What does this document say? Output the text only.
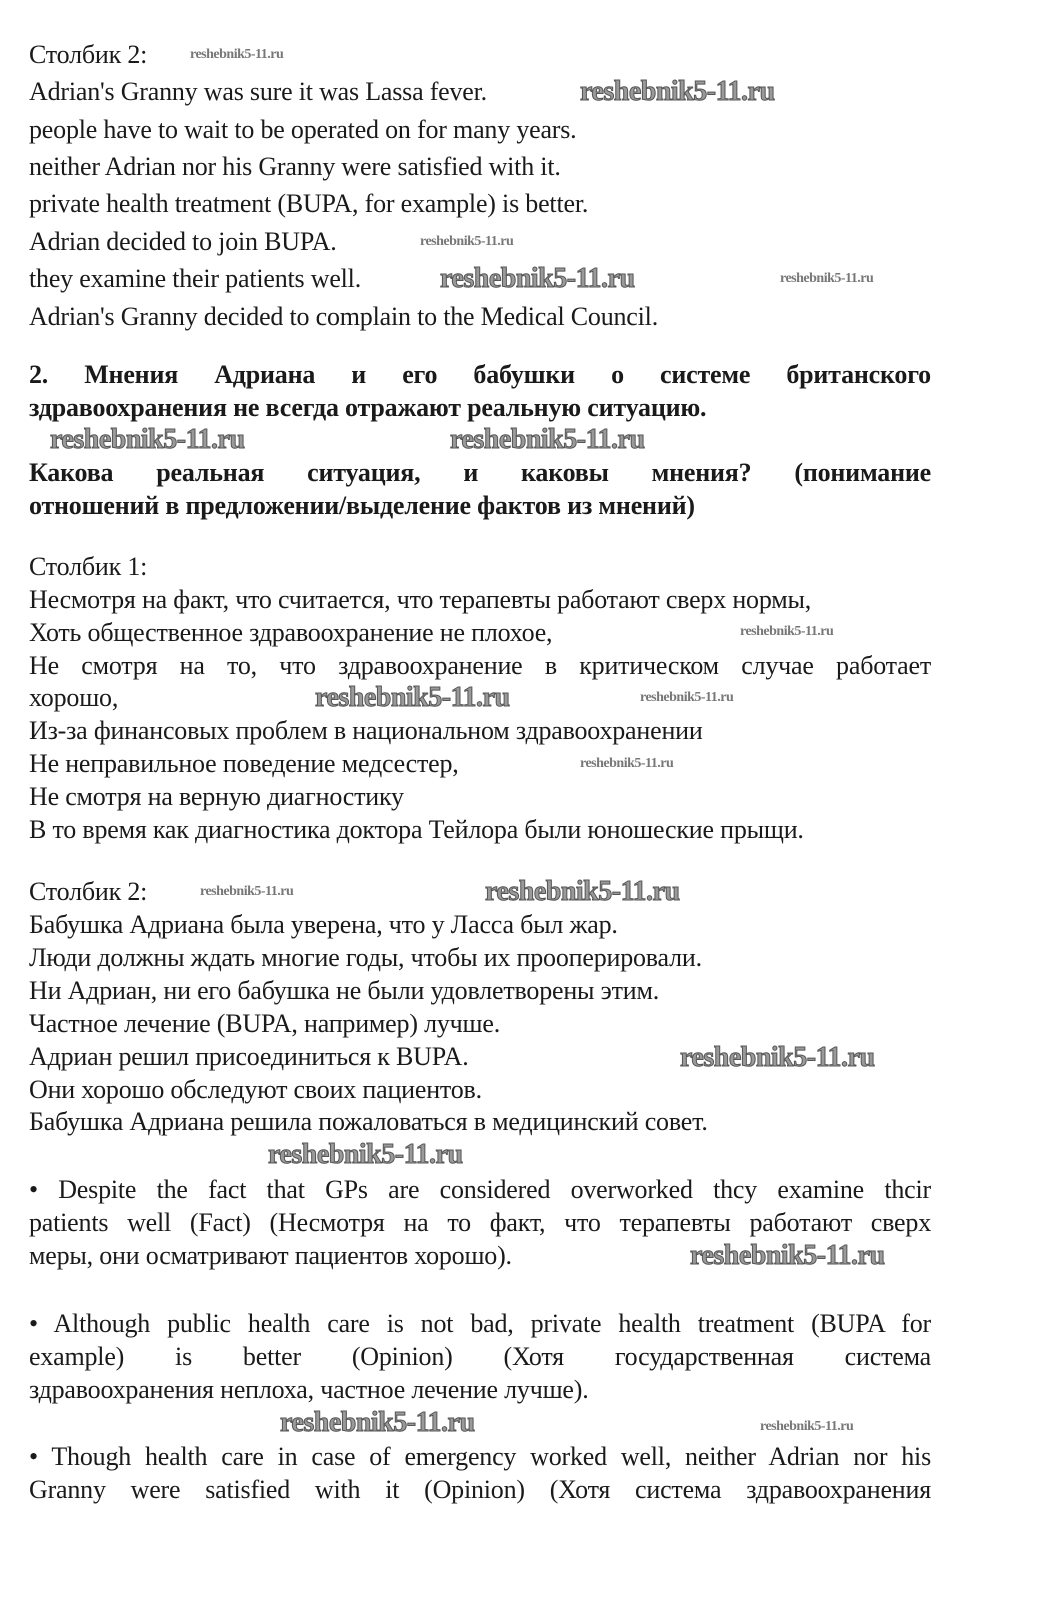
Столбик 2:
Adrian's Granny was sure it was Lassa fever.
people have to wait to be operated on for many years.
neither Adrian nor his Granny were satisfied with it.
private health treatment (BUPA, for example) is better.
Adrian decided to join BUPA.
they examine their patients well.
Adrian's Granny decided to complain to the Medical Council.
2. Мнения Адриана и его бабушки о системе британского
здравоохранения не всегда отражают реальную ситуацию.
Какова реальная ситуация, и каковы мнения? (понимание
отношений в предложении/выделение фактов из мнений)
Столбик 1:
Несмотря на факт, что считается, что терапевты работают сверх нормы,
Хоть общественное здравоохранение не плохое,
Не смотря на то, что здравоохранение в критическом случае работает
хорошо,
Из-за финансовых проблем в национальном здравоохранении
Не неправильное поведение медсестер,
Не смотря на верную диагностику
В то время как диагностика доктора Тейлора были юношеские прыщи.
Столбик 2:
Бабушка Адриана была уверена, что у Ласса был жар.
Люди должны ждать многие годы, чтобы их прооперировали.
Ни Адриан, ни его бабушка не были удовлетворены этим.
Частное лечение (BUPA, например) лучше.
Адриан решил присоединиться к BUPA.
Они хорошо обследуют своих пациентов.
Бабушка Адриана решила пожаловаться в медицинский совет.
• Despite the fact that GPs are considered overworked thcy examine thcir
patients well (Fact) (Несмотря на то факт, что терапевты работают сверх
меры, они осматривают пациентов хорошо).
• Although public health care is not bad, private health treatment (BUPA for
example) is better (Opinion) (Хотя государственная система
здравоохранения неплоха, частное лечение лучше).
• Though health care in case of emergency worked well, neither Adrian nor his
Granny were satisfied with it (Opinion) (Хотя система здравоохранения
reshebnik5-11.ru
reshebnik5-11.ru
reshebnik5-11.ru
reshebnik5-11.ru	reshebnik5-11.ru
reshebnik5-11.ru	reshebnik5-11.ru
reshebnik5-11.ru
reshebnik5-11.ru
reshebnik5-11.ru
reshebnik5-11.ru
reshebnik5-11.ru	reshebnik5-11.ru
reshebnik5-11.ru
reshebnik5-11.ru
reshebnik5-11.ru
reshebnik5-11.ru	reshebnik5-11.ru
